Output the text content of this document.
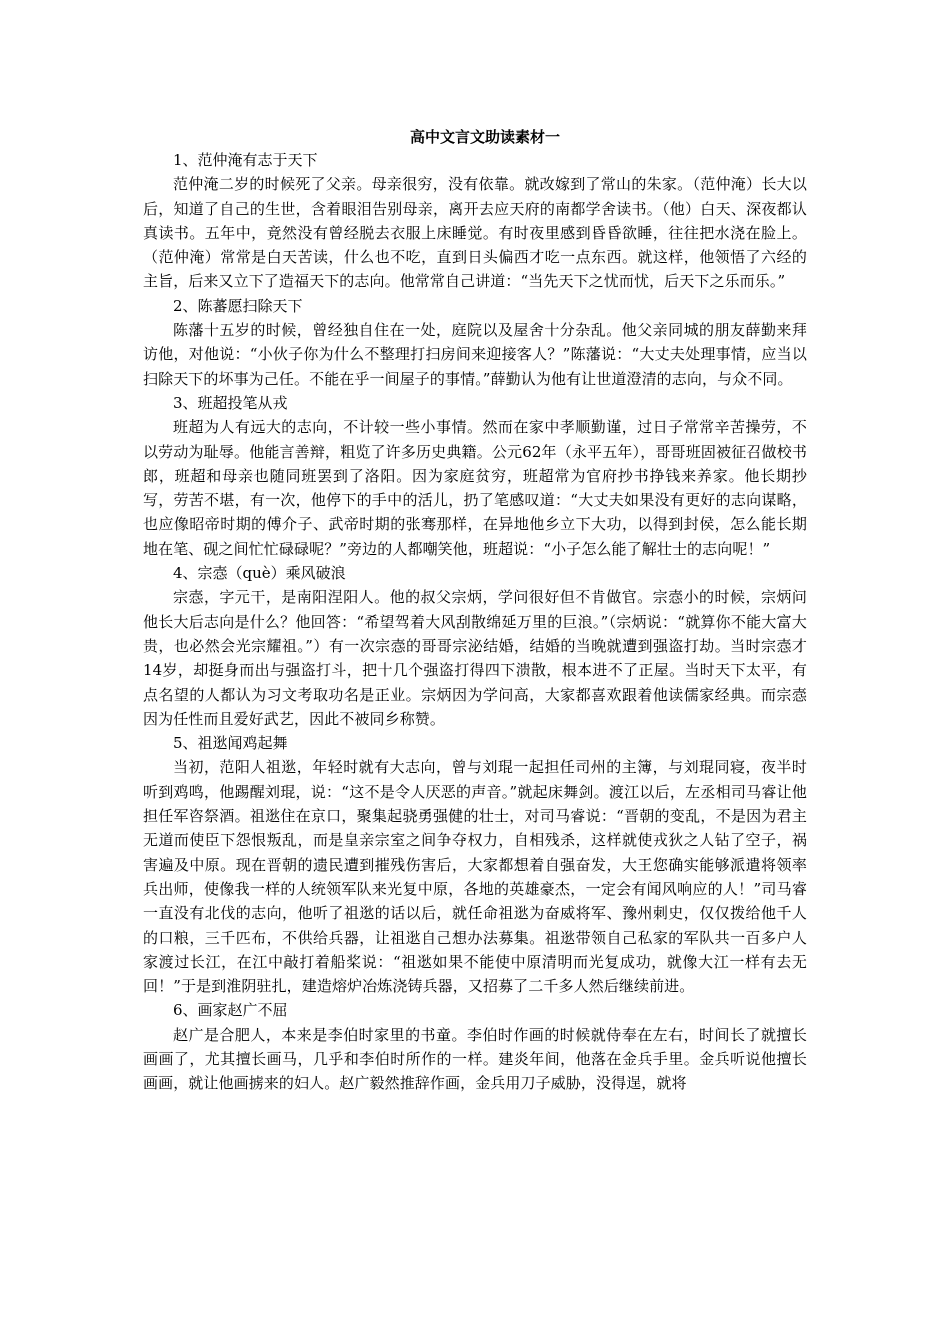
高中文言文助读素材一

1、范仲淹有志于天下

范仲淹二岁的时候死了父亲。母亲很穷，没有依靠。就改嫁到了常山的朱家。（范仲淹）长大以后，知道了自己的生世，含着眼泪告别母亲，离开去应天府的南都学舍读书。（他）白天、深夜都认真读书。五年中，竟然没有曾经脱去衣服上床睡觉。有时夜里感到昏昏欲睡，往往把水浇在脸上。（范仲淹）常常是白天苦读，什么也不吃，直到日头偏西才吃一点东西。就这样，他领悟了六经的主旨，后来又立下了造福天下的志向。他常常自己讲道：“当先天下之忧而忧，后天下之乐而乐。”

2、陈蕃愿扫除天下

陈藩十五岁的时候，曾经独自住在一处，庭院以及屋舍十分杂乱。他父亲同城的朋友薛勤来拜访他，对他说：“小伙子你为什么不整理打扫房间来迎接客人？”陈藩说：“大丈夫处理事情，应当以扫除天下的坏事为己任。不能在乎一间屋子的事情。”薛勤认为他有让世道澄清的志向，与众不同。

3、班超投笔从戎

班超为人有远大的志向，不计较一些小事情。然而在家中孝顺勤谨，过日子常常辛苦操劳，不以劳动为耻辱。他能言善辩，粗览了许多历史典籍。公元62年（永平五年），哥哥班固被征召做校书郎，班超和母亲也随同班罢到了洛阳。因为家庭贫穷，班超常为官府抄书挣钱来养家。他长期抄写，劳苦不堪，有一次，他停下的手中的活儿，扔了笔感叹道：“大丈夫如果没有更好的志向谋略，也应像昭帝时期的傅介子、武帝时期的张骞那样，在异地他乡立下大功，以得到封侯，怎么能长期地在笔、砚之间忙忙碌碌呢？”旁边的人都嘲笑他，班超说：“小子怎么能了解壮士的志向呢！”

4、宗悫（què）乘风破浪

宗悫，字元干，是南阳涅阳人。他的叔父宗炳，学问很好但不肯做官。宗悫小的时候，宗炳问他长大后志向是什么？他回答：“希望驾着大风刮散绵延万里的巨浪。”（宗炳说：“就算你不能大富大贵，也必然会光宗耀祖。”）有一次宗悫的哥哥宗泌结婚，结婚的当晚就遭到强盗打劫。当时宗悫才14岁，却挺身而出与强盗打斗，把十几个强盗打得四下溃散，根本进不了正屋。当时天下太平，有点名望的人都认为习文考取功名是正业。宗炳因为学问高，大家都喜欢跟着他读儒家经典。而宗悫因为任性而且爱好武艺，因此不被同乡称赞。

5、祖逖闻鸡起舞

当初，范阳人祖逖，年轻时就有大志向，曾与刘琨一起担任司州的主簿，与刘琨同寝，夜半时听到鸡鸣，他踢醒刘琨，说：“这不是令人厌恶的声音。”就起床舞剑。渡江以后，左丞相司马睿让他担任军咨祭酒。祖逖住在京口，聚集起骁勇强健的壮士，对司马睿说：“晋朝的变乱，不是因为君主无道而使臣下怨恨叛乱，而是皇亲宗室之间争夺权力，自相残杀，这样就使戎狄之人钻了空子，祸害遍及中原。现在晋朝的遗民遭到摧残伤害后，大家都想着自强奋发，大王您确实能够派遣将领率兵出师，使像我一样的人统领军队来光复中原，各地的英雄豪杰，一定会有闻风响应的人！”司马睿一直没有北伐的志向，他听了祖逖的话以后，就任命祖逖为奋威将军、豫州刺史，仅仅拨给他千人的口粮，三千匹布，不供给兵器，让祖逖自己想办法募集。祖逖带领自己私家的军队共一百多户人家渡过长江，在江中敲打着船桨说：“祖逖如果不能使中原清明而光复成功，就像大江一样有去无回！”于是到淮阴驻扎，建造熔炉冶炼浇铸兵器，又招募了二千多人然后继续前进。

6、画家赵广不屈

赵广是合肥人，本来是李伯时家里的书童。李伯时作画的时候就侍奉在左右，时间长了就擅长画画了，尤其擅长画马，几乎和李伯时所作的一样。建炎年间，他落在金兵手里。金兵听说他擅长画画，就让他画掳来的妇人。赵广毅然推辞作画，金兵用刀子威胁，没得逞，就将
